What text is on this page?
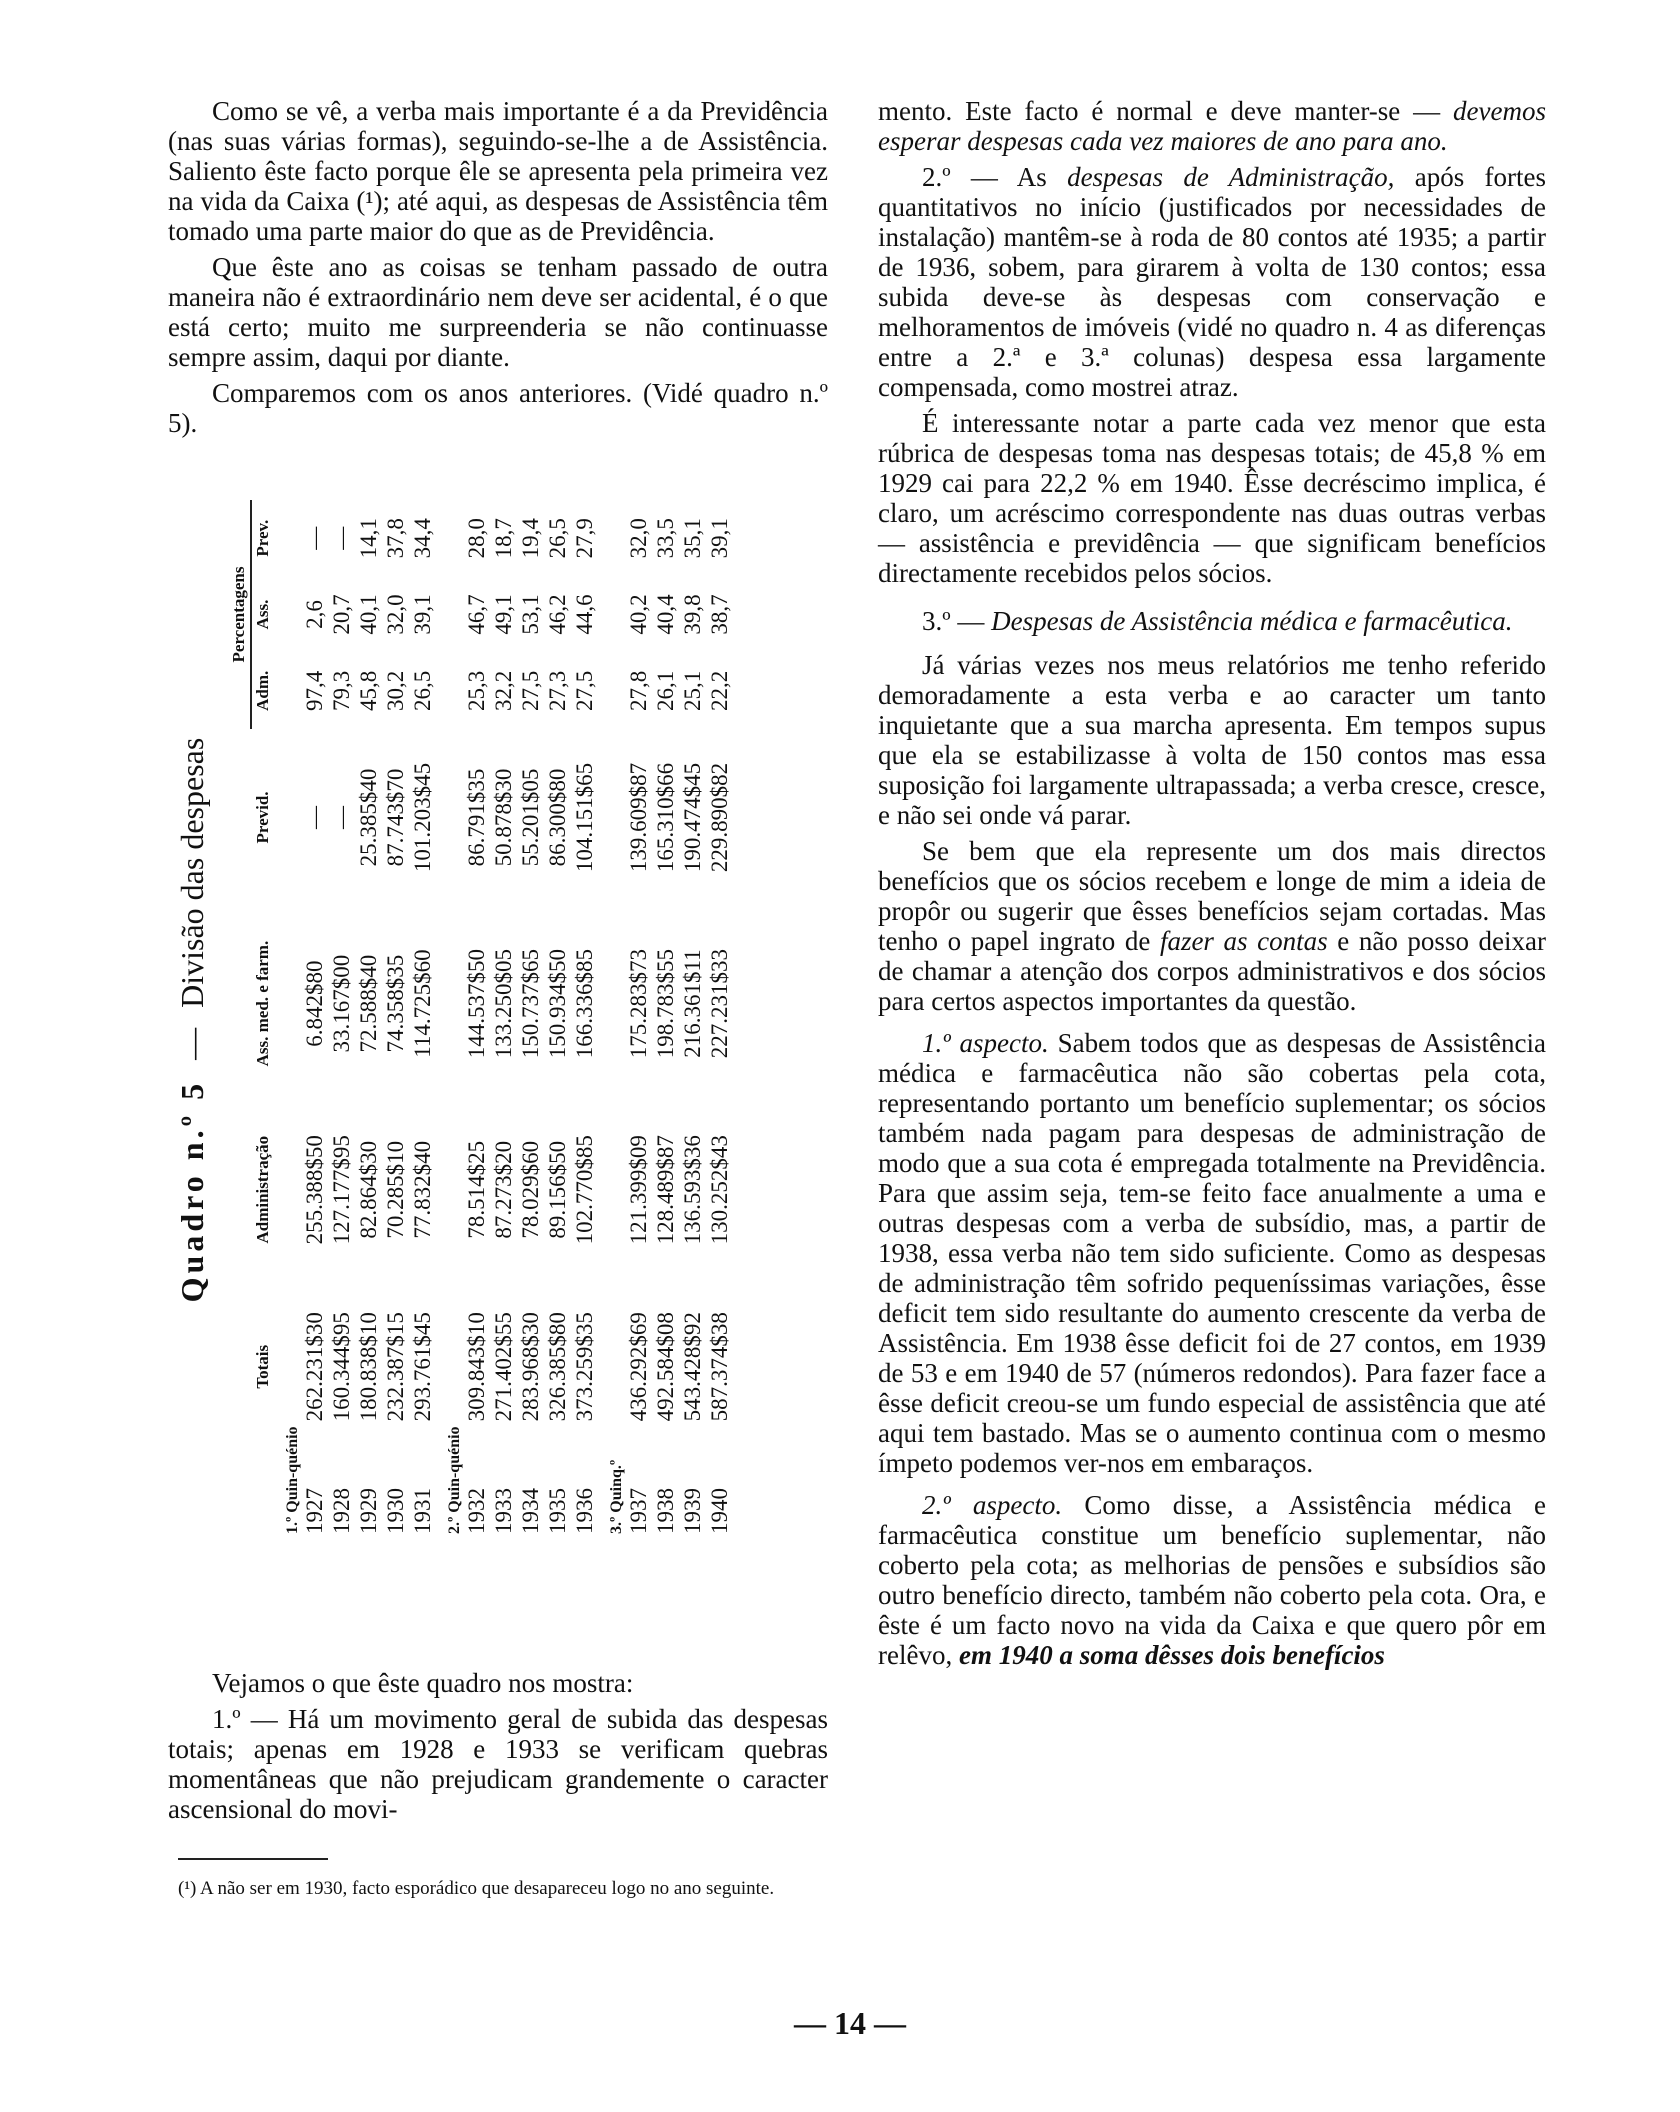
Como se vê, a verba mais importante é a da Previdência (nas suas várias formas), seguindo-se-lhe a de Assistência. Saliento êste facto porque êle se apresenta pela primeira vez na vida da Caixa (¹); até aqui, as despesas de Assistência têm tomado uma parte maior do que as de Previdência.

Que êste ano as coisas se tenham passado de outra maneira não é extraordinário nem deve ser acidental, é o que está certo; muito me surpreenderia se não continuasse sempre assim, daqui por diante.

Comparemos com os anos anteriores. (Vidé quadro n.º 5).

Quadro n.º 5—Divisão das despesas
	Totais	Administração	Ass. med. e farm.	Previd.	Percentagens		
					Adm.	Ass.	Prev.
1.º Quin-quénio							
1927	262.231$30	255.388$50	6.842$80	—	97,4	2,6	—
1928	160.344$95	127.177$95	33.167$00	—	79,3	20,7	—
1929	180.838$10	82.864$30	72.588$40	25.385$40	45,8	40,1	14,1
1930	232.387$15	70.285$10	74.358$35	87.743$70	30,2	32,0	37,8
1931	293.761$45	77.832$40	114.725$60	101.203$45	26,5	39,1	34,4
2.º Quin-quénio							
1932	309.843$10	78.514$25	144.537$50	86.791$35	25,3	46,7	28,0
1933	271.402$55	87.273$20	133.250$05	50.878$30	32,2	49,1	18,7
1934	283.968$30	78.029$60	150.737$65	55.201$05	27,5	53,1	19,4
1935	326.385$80	89.156$50	150.934$50	86.300$80	27,3	46,2	26,5
1936	373.259$35	102.770$85	166.336$85	104.151$65	27,5	44,6	27,9
3.º Quinq.º							
1937	436.292$69	121.399$09	175.283$73	139.609$87	27,8	40,2	32,0
1938	492.584$08	128.489$87	198.783$55	165.310$66	26,1	40,4	33,5
1939	543.428$92	136.593$36	216.361$11	190.474$45	25,1	39,8	35,1
1940	587.374$38	130.252$43	227.231$33	229.890$82	22,2	38,7	39,1

Vejamos o que êste quadro nos mostra:

1.º — Há um movimento geral de subida das despesas totais; apenas em 1928 e 1933 se verificam quebras momentâneas que não prejudicam grandemente o caracter ascensional do movi-

(¹) A não ser em 1930, facto esporádico que desapareceu logo no ano seguinte.

mento. Este facto é normal e deve manter-se — devemos esperar despesas cada vez maiores de ano para ano.

2.º — As despesas de Administração, após fortes quantitativos no início (justificados por necessidades de instalação) mantêm-se à roda de 80 contos até 1935; a partir de 1936, sobem, para girarem à volta de 130 contos; essa subida deve-se às despesas com conservação e melhoramentos de imóveis (vidé no quadro n. 4 as diferenças entre a 2.ª e 3.ª colunas) despesa essa largamente compensada, como mostrei atraz.

É interessante notar a parte cada vez menor que esta rúbrica de despesas toma nas despesas totais; de 45,8 % em 1929 cai para 22,2 % em 1940. Êsse decréscimo implica, é claro, um acréscimo correspondente nas duas outras verbas — assistência e previdência — que significam benefícios directamente recebidos pelos sócios.

3.º — Despesas de Assistência médica e farmacêutica.

Já várias vezes nos meus relatórios me tenho referido demoradamente a esta verba e ao caracter um tanto inquietante que a sua marcha apresenta. Em tempos supus que ela se estabilizasse à volta de 150 contos mas essa suposição foi largamente ultrapassada; a verba cresce, cresce, e não sei onde vá parar.

Se bem que ela represente um dos mais directos benefícios que os sócios recebem e longe de mim a ideia de propôr ou sugerir que êsses benefícios sejam cortadas. Mas tenho o papel ingrato de fazer as contas e não posso deixar de chamar a atenção dos corpos administrativos e dos sócios para certos aspectos importantes da questão.

1.º aspecto. Sabem todos que as despesas de Assistência médica e farmacêutica não são cobertas pela cota, representando portanto um benefício suplementar; os sócios também nada pagam para despesas de administração de modo que a sua cota é empregada totalmente na Previdência. Para que assim seja, tem-se feito face anualmente a uma e outras despesas com a verba de subsídio, mas, a partir de 1938, essa verba não tem sido suficiente. Como as despesas de administração têm sofrido pequeníssimas variações, êsse deficit tem sido resultante do aumento crescente da verba de Assistência. Em 1938 êsse deficit foi de 27 contos, em 1939 de 53 e em 1940 de 57 (números redondos). Para fazer face a êsse deficit creou-se um fundo especial de assistência que até aqui tem bastado. Mas se o aumento continua com o mesmo ímpeto podemos ver-nos em embaraços.

2.º aspecto. Como disse, a Assistência médica e farmacêutica constitue um benefício suplementar, não coberto pela cota; as melhorias de pensões e subsídios são outro benefício directo, também não coberto pela cota. Ora, e êste é um facto novo na vida da Caixa e que quero pôr em relêvo, em 1940 a soma dêsses dois benefícios

— 14 —
